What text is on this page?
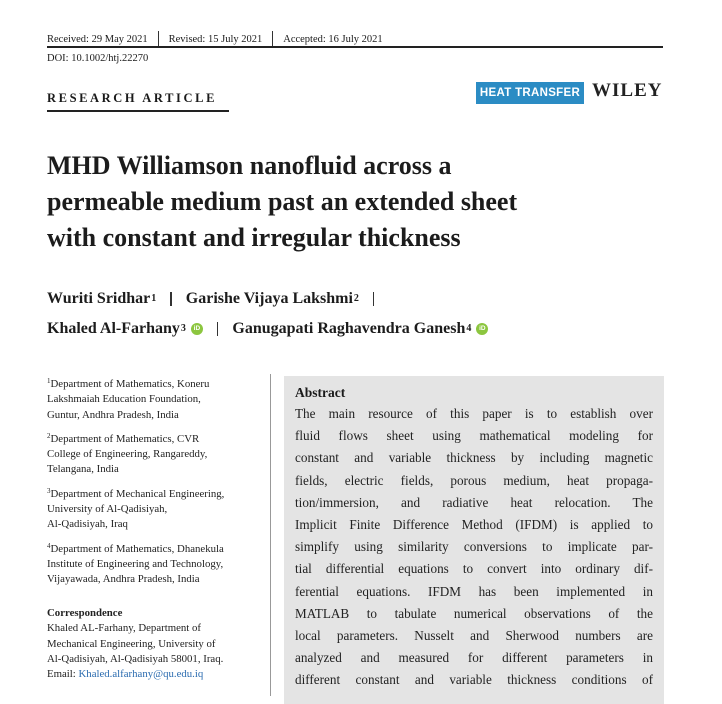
Received: 29 May 2021 Revised: 15 July 2021 Accepted: 16 July 2021
DOI: 10.1002/htj.22270
RESEARCH ARTICLE	HEAT TRANSFER WILEY
MHD Williamson nanofluid across a
permeable medium past an extended sheet
with constant and irregular thickness
Wuriti Sridhar 1 Garishe Vijaya Lakshmi 2
Khaled Al-Farhany 3	iD Ganugapati Raghavendra Ganesh 4	iD
$^1$Department of Mathematics, Koneru
Lakshmaiah Education Foundation,
Guntur, Andhra Pradesh, India
$^2$Department of Mathematics, CVR
College of Engineering, Rangareddy,
Telangana, India
$^3$Department of Mechanical Engineering,
University of Al-Qadisiyah,
Al-Qadisiyah, Iraq
$^4$Department of Mathematics, Dhanekula
Institute of Engineering and Technology,
Vijayawada, Andhra Pradesh, India
Correspondence
Khaled AL-Farhany, Department of
Mechanical Engineering, University of
Al-Qadisiyah, Al-Qadisiyah 58001, Iraq.
Email: Khaled.alfarhany@qu.edu.iq
Abstract
The main resource of this paper is to establish over
fluid flows sheet using mathematical modeling for
constant and variable thickness by including magnetic
fields, electric fields, porous medium, heat propaga-
tion/immersion, and radiative heat relocation. The
Implicit Finite Difference Method (IFDM) is applied to
simplify using similarity conversions to implicate par-
tial differential equations to convert into ordinary dif-
ferential equations. IFDM has been implemented in
MATLAB to tabulate numerical observations of the
local parameters. Nusselt and Sherwood numbers are
analyzed and measured for different parameters in
different constant and variable thickness conditions of
